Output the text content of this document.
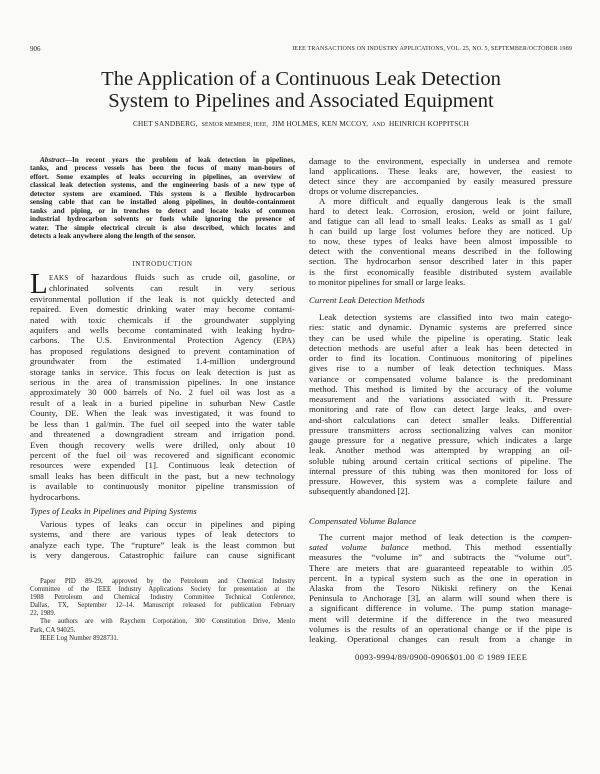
906	IEEE TRANSACTIONS ON INDUSTRY APPLICATIONS, VOL. 25, NO. 5, SEPTEMBER/OCTOBER 1989
The Application of a Continuous Leak Detection
System to Pipelines and Associated Equipment
CHET SANDBERG, SENIOR MEMBER, IEEE, JIM HOLMES, KEN MCCOY, AND HEINRICH KOPPITSCH
Abstract—In recent years the problem of leak detection in pipelines,
tanks, and process vessels has been the focus of many man-hours of
effort. Some examples of leaks occurring in pipelines, an overview of
classical leak detection systems, and the engineering basis of a new type of
detector system are examined. This system is a flexible hydrocarbon
sensing cable that can be installed along pipelines, in double-containment
tanks and piping, or in trenches to detect and locate leaks of common
industrial hydrocarbon solvents or fuels while ignoring the presence of
water. The simple electrical circuit is also described, which locates and
detects a leak anywhere along the length of the sensor.
INTRODUCTION
L EAKS of hazardous fluids such as crude oil, gasoline, or
chlorinated solvents can result in very serious
environmental pollution if the leak is not quickly detected and
repaired. Even domestic drinking water may become contami-
nated with toxic chemicals if the groundwater supplying
aquifers and wells become contaminated with leaking hydro-
carbons. The U.S. Environmental Protection Agency (EPA)
has proposed regulations designed to prevent contamination of
groundwater from the estimated 1.4-million underground
storage tanks in service. This focus on leak detection is just as
serious in the area of transmission pipelines. In one instance
approximately 30 000 barrels of No. 2 fuel oil was lost as a
result of a leak in a buried pipeline in suburban New Castle
County, DE. When the leak was investigated, it was found to
be less than 1 gal/min. The fuel oil seeped into the water table
and threatened a downgradient stream and irrigation pond.
Even though recovery wells were drilled, only about 10
percent of the fuel oil was recovered and significant economic
resources were expended [1]. Continuous leak detection of
small leaks has been difficult in the past, but a new technology
is available to continuously monitor pipeline transmission of
hydrocarbons.
Types of Leaks in Pipelines and Piping Systems
Various types of leaks can occur in pipelines and piping
systems, and there are various types of leak detectors to
analyze each type. The “rupture” leak is the least common but
is very dangerous. Catastrophic failure can cause significant
Paper PID 89-29, approved by the Petroleum and Chemical Industry
Committee of the IEEE Industry Applications Society for presentation at the
1988 Petroleum and Chemical Industry Committee Technical Conference,
Dallas, TX, September 12–14. Manuscript released for publication February
22, 1989.
The authors are with Raychem Corporation, 300 Constitution Drive, Menlo
Park, CA 94025.
IEEE Log Number 8928731.
damage to the environment, especially in undersea and remote
land applications. These leaks are, however, the easiest to
detect since they are accompanied by easily measured pressure
drops or volume discrepancies.
A more difficult and equally dangerous leak is the small
hard to detect leak. Corrosion, erosion, weld or joint failure,
and fatigue can all lead to small leaks. Leaks as small as 1 gal/
h can build up large lost volumes before they are noticed. Up
to now, these types of leaks have been almost impossible to
detect with the conventional means described in the following
section. The hydrocarbon sensor described later in this paper
is the first economically feasible distributed system available
to monitor pipelines for small or large leaks.
Current Leak Detection Methods
Leak detection systems are classified into two main catego-
ries: static and dynamic. Dynamic systems are preferred since
they can be used while the pipeline is operating. Static leak
detection methods are useful after a leak has been detected in
order to find its location. Continuous monitoring of pipelines
gives rise to a number of leak detection techniques. Mass
variance or compensated volume balance is the predominant
method. This method is limited by the accuracy of the volume
measurement and the variations associated with it. Pressure
monitoring and rate of flow can detect large leaks, and over-
and-short calculations can detect smaller leaks. Differential
pressure transmitters across sectionalizing valves can monitor
gauge pressure for a negative pressure, which indicates a large
leak. Another method was attempted by wrapping an oil-
soluble tubing around certain critical sections of pipeline. The
internal pressure of this tubing was then monitored for loss of
pressure. However, this system was a complete failure and
subsequently abandoned [2].
Compensated Volume Balance
The current major method of leak detection is the compen-
sated volume balance method. This method essentially
measures the “volume in” and subtracts the “volume out”.
There are meters that are guaranteed repeatable to within .05
percent. In a typical system such as the one in operation in
Alaska from the Tesoro Nikiski refinery on the Kenai
Peninsula to Anchorage [3], an alarm will sound when there is
a significant difference in volume. The pump station manage-
ment will determine if the difference in the two measured
volumes is the results of an operational change or if the pipe is
leaking. Operational changes can result from a change in
0093-9994/89/0900-0906$01.00 © 1989 IEEE
